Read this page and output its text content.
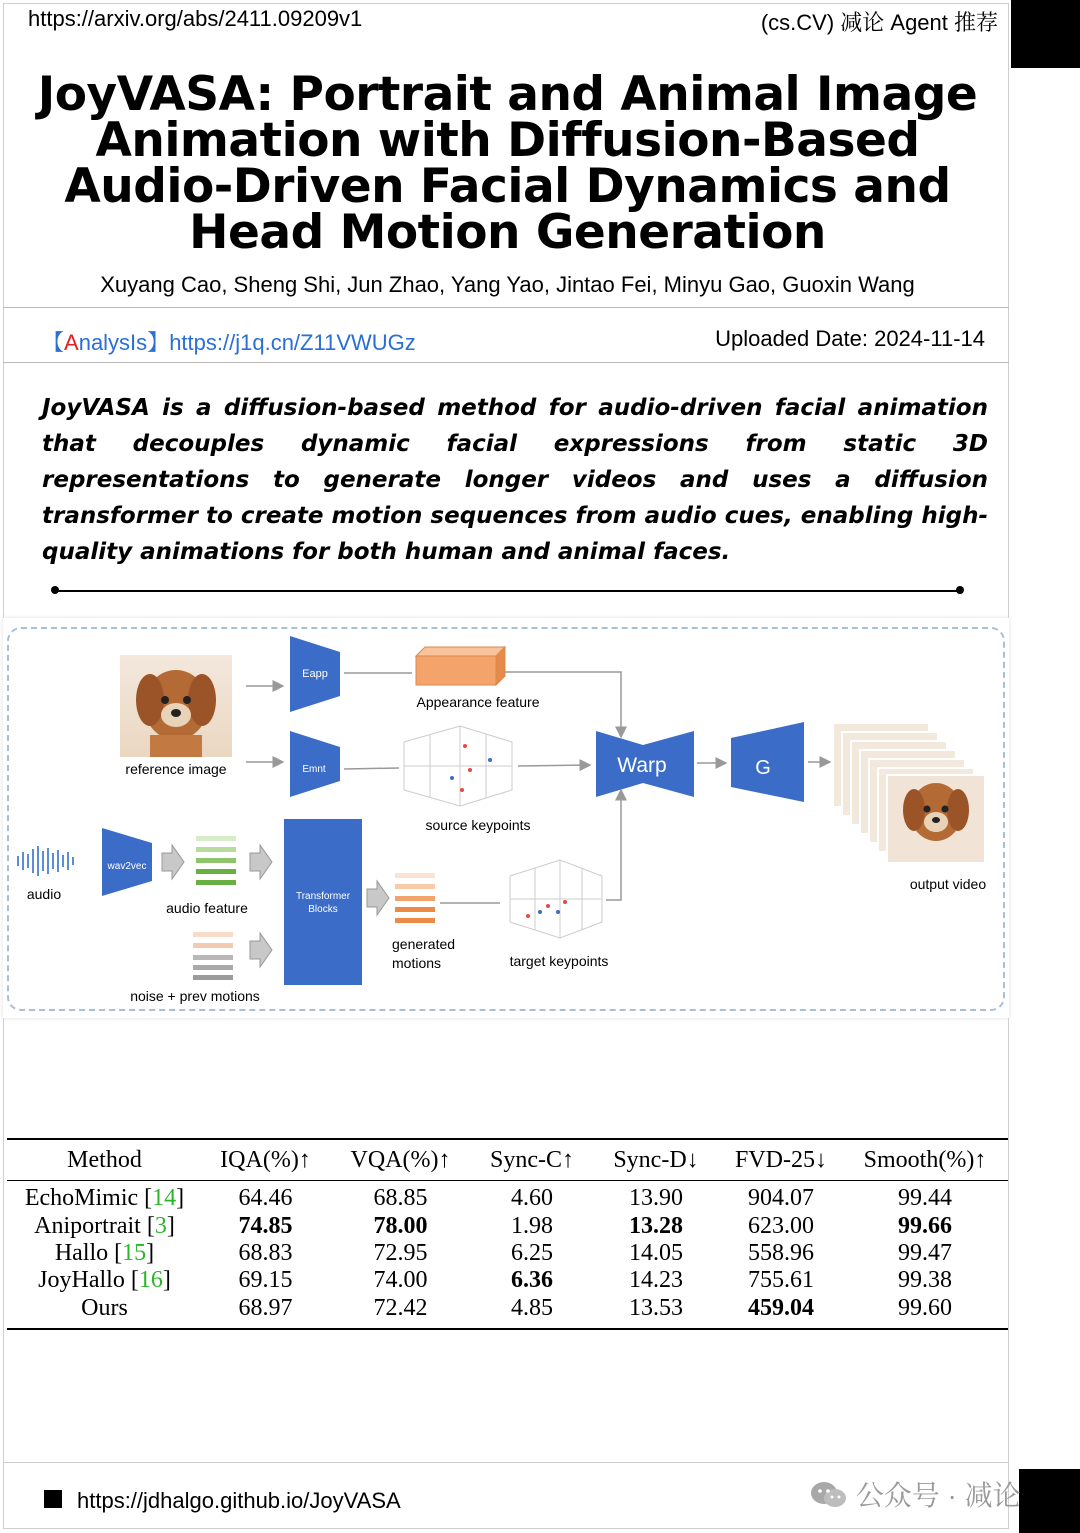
https://arxiv.org/abs/2411.09209v1	(cs.CV) 减论 Agent 推荐
JoyVASA: Portrait and Animal Image Animation with Diffusion-Based Audio-Driven Facial Dynamics and Head Motion Generation
Xuyang Cao, Sheng Shi, Jun Zhao, Yang Yao, Jintao Fei, Minyu Gao, Guoxin Wang
【AnalysIs】https://j1q.cn/Z11VWUGz	Uploaded Date: 2024-11-14
JoyVASA is a diffusion-based method for audio-driven facial animation that decouples dynamic facial expressions from static 3D representations to generate longer videos and uses a diffusion transformer to create motion sequences from audio cues, enabling high-quality animations for both human and animal faces.
reference image
Eapp
Emnt
Appearance feature
source keypoints
Warp	G
output video
audio
wav2vec
audio feature
noise + prev motions
Transformer
Blocks
generated
motions	target keypoints
Method	IQA(%)↑	VQA(%)↑	Sync-C↑	Sync-D↓	FVD-25↓	Smooth(%)↑
EchoMimic [14]	64.46	68.85	4.60	13.90	904.07	99.44
Aniportrait [3]	74.85	78.00	1.98	13.28	623.00	99.66
Hallo [15]	68.83	72.95	6.25	14.05	558.96	99.47
JoyHallo [16]	69.15	74.00	6.36	14.23	755.61	99.38
Ours	68.97	72.42	4.85	13.53	459.04	99.60
https://jdhalgo.github.io/JoyVASA	公众号 · 减论
